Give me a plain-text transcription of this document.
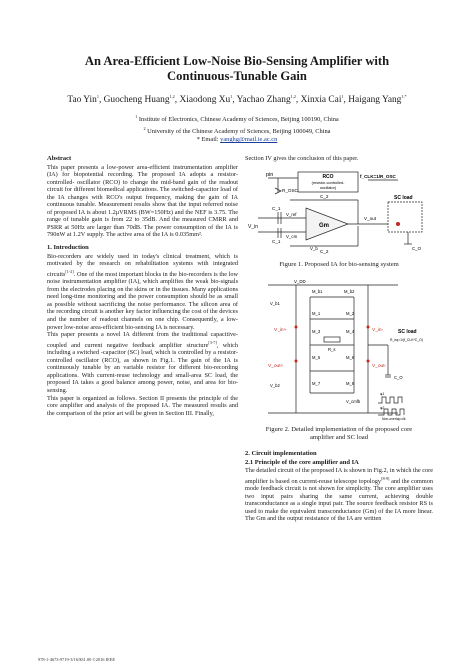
An Area-Efficient Low-Noise Bio-Sensing Amplifier with
Continuous-Tunable Gain
Tao Yin$^1$, Guocheng Huang$^{1,2}$, Xiaodong Xu$^1$, Yachao Zhang$^{1,2}$, Xinxia Cai$^1$, Haigang Yang$^{1,*}$
$^1$ Institute of Electronics, Chinese Academy of Sciences, Beijing 100190, China
$^2$ University of the Chinese Academy of Sciences, Beijing 100049, China
* Email: yanghg@mail.ie.ac.cn
Abstract

This paper presents a low-power area-efficient instrumentation amplifier (IA) for biopotential recording. The proposed IA adopts a resistor-controlled- oscillator (RCO) to change the mid-band gain of the readout circuit for different biomedical applications. The switched-capacitor load of the IA changes with RCO's output frequency, making the gain of IA continuous tunable. Measurement results show that the input referred noise of proposed IA is about 1.2μVRMS (BW=150Hz) and the NEF is 3.75. The range of tunable gain is from 22 to 35dB. And the measured CMRR and PSRR at 50Hz are larger than 70dB. The power consumption of the IA is 790nW at 1.2V supply. The active area of the IA is 0.035mm².

1. Introduction

Bio-recorders are widely used in today's clinical treatment, which is motivated by the research on rehabilitation systems with integrated circuits[1-2]. One of the most important blocks in the bio-recorders is the low noise instrumentation amplifier (IA), which amplifies the weak bio-signals from the electrodes placing on the skins or in the tissues. Many applications need long-time monitoring and the power consumption should be as small as possible without sacrificing the noise performance. The silicon area of the recording circuit is another key factor influencing the cost of the devices and the number of readout channels on one chip. Consequently, a low-power low-noise area-efficient bio-sensing IA is necessary.

This paper presents a novel IA different from the traditional capacitive-coupled and current negative feedback amplifier structure[3-7], which including a switched -capacitor (SC) load, which is controlled by a resistor-controlled oscillator (RCO), as shown in Fig.1. The gain of the IA is continuously tunable by an variable resistor for different bio-recording applications. With current-reuse technology and small-area SC load, the proposed IA takes a good balance among power, noise, and area for bio-sensing.

This paper is organized as follows. Section II presents the principle of the core amplifier and analysis of the proposed IA. The measured results and the comparison of the prior art will be given in Section III. Finally,

Section IV gives the conclusion of this paper.

pin
R_OSC
RCO
(resistor-controlled-
oscillator)
f_CLK=1/R_OSC
SC load
V_in
C_1
C_1
C_2
C_2
Gm
V_out
V_ref
V_cm
V_b	C_O
Figure 1. Proposed IA for bio-sensing system
V_DD
M_b1	M_b2
V_in+	V_in-
M_1	M_2
M_3	M_4
M_5	M_6
M_7	M_8
V_b1
V_b2
V_out+	V_out-
R_s
V_cmfb
SC load
R_eq=1/(f_CLK*C_O)
C_O
φ1
φ2
Non-overlap clk
Figure 2. Detailed implementation of the proposed core
amplifier and SC load
2. Circuit implementation
2.1 Principle of the core amplifier and IA

The detailed circuit of the proposed IA is shown in Fig.2, in which the core amplifier is based on current-reuse telescope topology[8-9] and the common mode feedback circuit is not shown for simplicity. The core amplifier uses two input pairs sharing the same current, achieving double transconductance as a single input pair. The source feedback resistor RS is used to make the equivalent transconductance (Gm) of the IA more linear. The Gm and the output resistance of the IA are written

978-1-4673-9719-3/16/$31.00 ©2016 IEEE
